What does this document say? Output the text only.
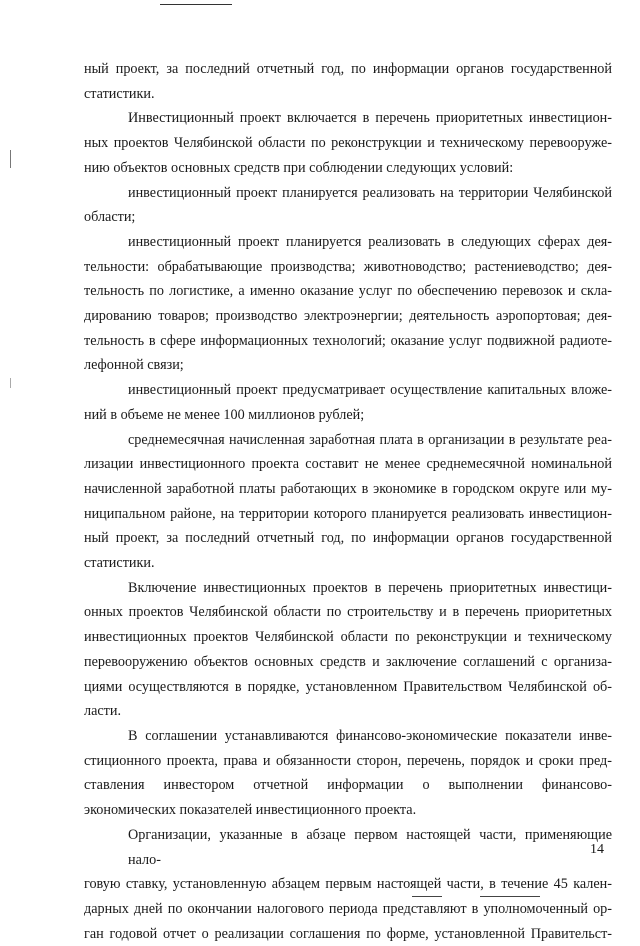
ный проект, за последний отчетный год, по информации органов государственной
статистики.
Инвестиционный проект включается в перечень приоритетных инвестицион-
ных проектов Челябинской области по реконструкции и техническому перевооруже-
нию объектов основных средств при соблюдении следующих условий:
инвестиционный проект планируется реализовать на территории Челябинской
области;
инвестиционный проект планируется реализовать в следующих сферах дея-
тельности: обрабатывающие производства; животноводство; растениеводство; дея-
тельность по логистике, а именно оказание услуг по обеспечению перевозок и скла-
дированию товаров; производство электроэнергии; деятельность аэропортовая; дея-
тельность в сфере информационных технологий; оказание услуг подвижной радиоте-
лефонной связи;
инвестиционный проект предусматривает осуществление капитальных вложе-
ний в объеме не менее 100 миллионов рублей;
среднемесячная начисленная заработная плата в организации в результате реа-
лизации инвестиционного проекта составит не менее среднемесячной номинальной
начисленной заработной платы работающих в экономике в городском округе или му-
ниципальном районе, на территории которого планируется реализовать инвестицион-
ный проект, за последний отчетный год, по информации органов государственной
статистики.
Включение инвестиционных проектов в перечень приоритетных инвестици-
онных проектов Челябинской области по строительству и в перечень приоритетных
инвестиционных проектов Челябинской области по реконструкции и техническому
перевооружению объектов основных средств и заключение соглашений с организа-
циями осуществляются в порядке, установленном Правительством Челябинской об-
ласти.
В соглашении устанавливаются финансово-экономические показатели инве-
стиционного проекта, права и обязанности сторон, перечень, порядок и сроки пред-
ставления инвестором отчетной информации о выполнении финансово-
экономических показателей инвестиционного проекта.
Организации, указанные в абзаце первом настоящей части, применяющие нало-
говую ставку, установленную абзацем первым настоящей части, в течение 45 кален-
дарных дней по окончании налогового периода представляют в уполномоченный ор-
ган годовой отчет о реализации соглашения по форме, установленной Правительст-
14
